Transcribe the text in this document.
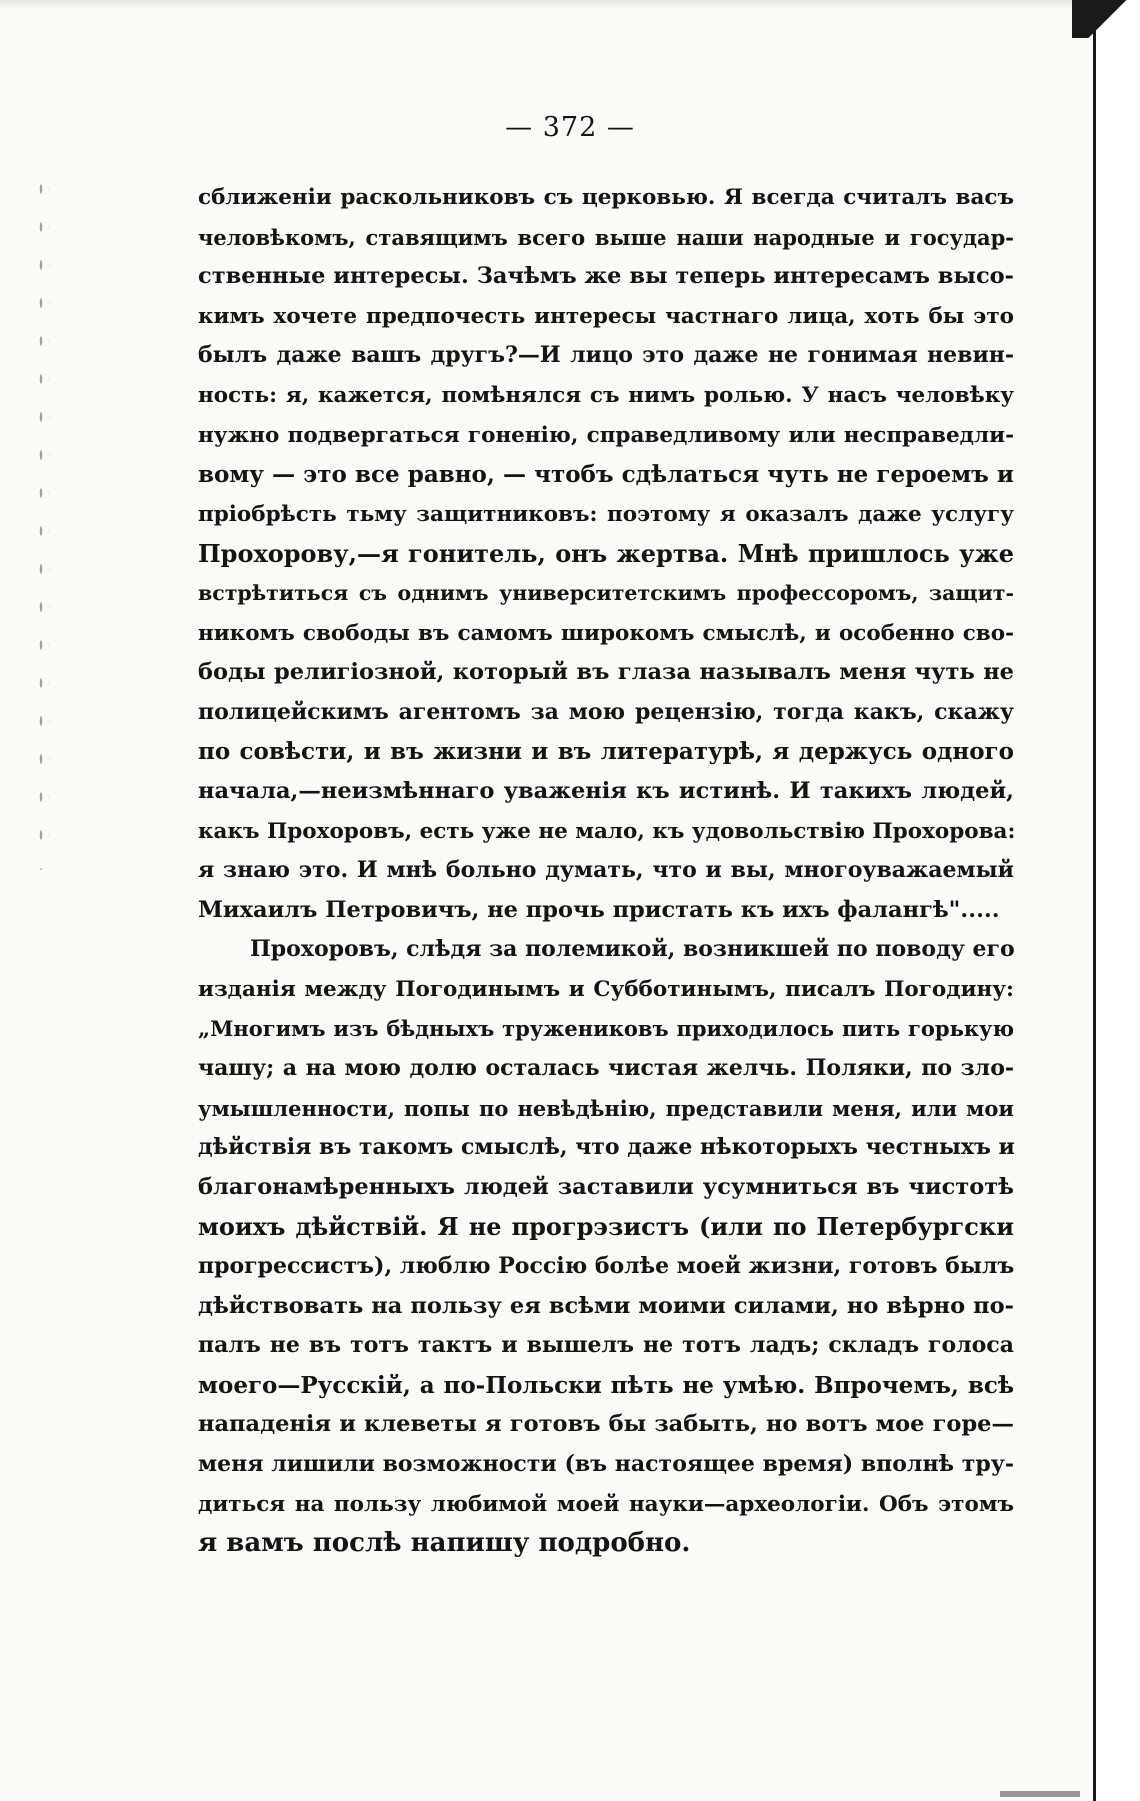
— 372 —
сближенiи раскольниковъ съ церковью. Я всегда считалъ васъ
человѣкомъ, ставящимъ всего выше наши народные и государ-
ственные интересы. Зачѣмъ же вы теперь интересамъ высо-
кимъ хочете предпочесть интересы частнаго лица, хоть бы это
былъ даже вашъ другъ?—И лицо это даже не гонимая невин-
ность: я, кажется, помѣнялся съ нимъ ролью. У насъ человѣку
нужно подвергаться гоненiю, справедливому или несправедли-
вому — это все равно, — чтобъ сдѣлаться чуть не героемъ и
прiобрѣсть тьму защитниковъ: поэтому я оказалъ даже услугу
Прохорову,—я гонитель, онъ жертва. Мнѣ пришлось уже
встрѣтиться съ однимъ университетскимъ профессоромъ, защит-
никомъ свободы въ самомъ широкомъ смыслѣ, и особенно сво-
боды религiозной, который въ глаза называлъ меня чуть не
полицейскимъ агентомъ за мою рецензiю, тогда какъ, скажу
по совѣсти, и въ жизни и въ литературѣ, я держусь одного
начала,—неизмѣннаго уваженiя къ истинѣ. И такихъ людей,
какъ Прохоровъ, есть уже не мало, къ удовольствiю Прохорова:
я знаю это. И мнѣ больно думать, что и вы, многоуважаемый
Михаилъ Петровичъ, не прочь пристать къ ихъ фалангѣ".....
Прохоровъ, слѣдя за полемикой, возникшей по поводу его
изданiя между Погодинымъ и Субботинымъ, писалъ Погодину:
„Многимъ изъ бѣдныхъ тружениковъ приходилось пить горькую
чашу; а на мою долю осталась чистая желчь. Поляки, по зло-
умышленности, попы по невѣдѣнiю, представили меня, или мои
дѣйствiя въ такомъ смыслѣ, что даже нѣкоторыхъ честныхъ и
благонамѣренныхъ людей заставили усумниться въ чистотѣ
моихъ дѣйствiй. Я не прогрэзистъ (или по Петербургски
прогрессистъ), люблю Россiю болѣе моей жизни, готовъ былъ
дѣйствовать на пользу ея всѣми моими силами, но вѣрно по-
палъ не въ тотъ тактъ и вышелъ не тотъ ладъ; складъ голоса
моего—Русскiй, а по-Польски пѣть не умѣю. Впрочемъ, всѣ
нападенiя и клеветы я готовъ бы забыть, но вотъ мое горе—
меня лишили возможности (въ настоящее время) вполнѣ тру-
диться на пользу любимой моей науки—археологiи. Объ этомъ
я вамъ послѣ напишу подробно.
